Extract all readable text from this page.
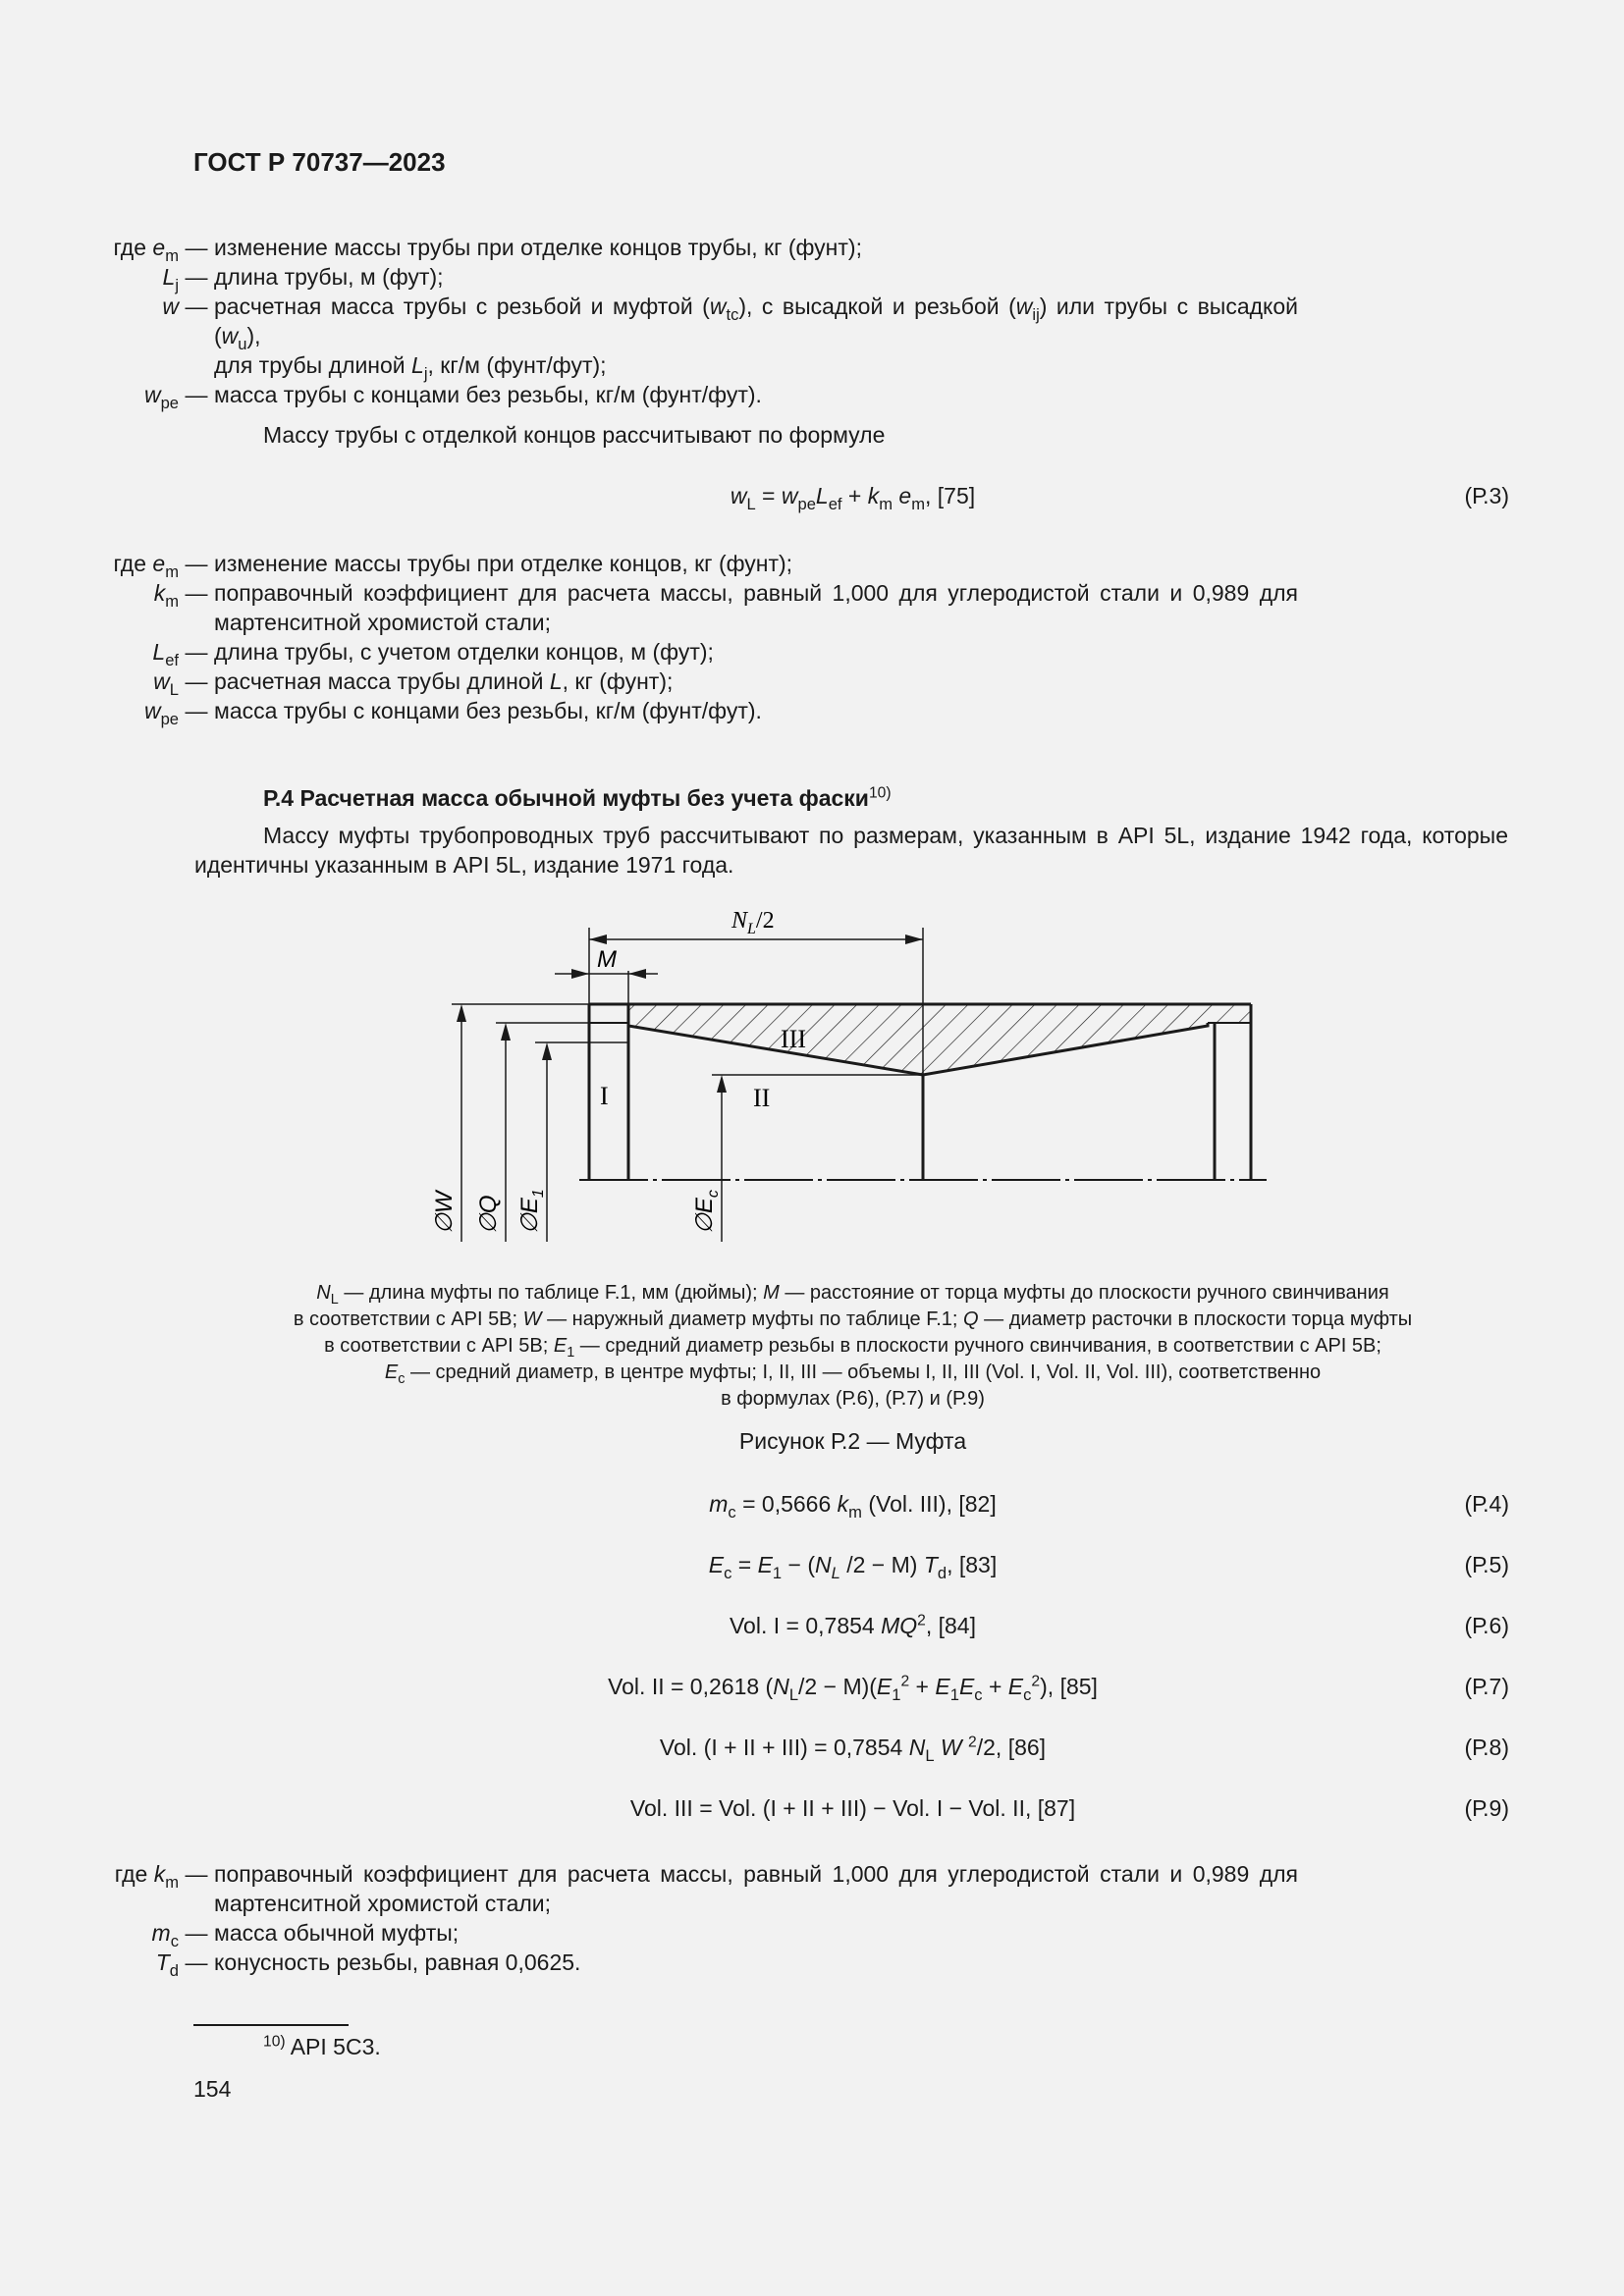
ГОСТ Р 70737—2023
где $e_m$ — изменение массы трубы при отделке концов трубы, кг (фунт);
$L_j$ — длина трубы, м (фут);
w — расчетная масса трубы с резьбой и муфтой $(w_{tc})$, с высадкой и резьбой $(w_{ij})$ или трубы с высадкой $(w_u)$,
для трубы длиной $L_j$, кг/м (фунт/фут);
$w_{pe}$ — масса трубы с концами без резьбы, кг/м (фунт/фут).
Массу трубы с отделкой концов рассчитывают по формуле
$w_L = w_{pe}L_{ef} + k_m$ $e_m$, [75]	(Р.3)
где $e_m$ — изменение массы трубы при отделке концов, кг (фунт);
$k_m$ — поправочный коэффициент для расчета массы, равный 1,000 для углеродистой стали и 0,989 для мартенситной хромистой стали;
$L_{ef}$ — длина трубы, с учетом отделки концов, м (фут);
$w_L$ — расчетная масса трубы длиной L, кг (фунт);
$w_{pe}$ — масса трубы с концами без резьбы, кг/м (фунт/фут).
Р.4 Расчетная масса обычной муфты без учета фаски$^{10)}$
Массу муфты трубопроводных труб рассчитывают по размерам, указанным в API 5L, издание 1942 года, которые идентичны указанным в API 5L, издание 1971 года.
$N_L/2$
M
I	II
III
∅W ∅Q $\emptyset E_1$
$\emptyset E_c$
$N_L$ — длина муфты по таблице F.1, мм (дюймы); M — расстояние от торца муфты до плоскости ручного свинчивания
в соответствии с API 5B; W — наружный диаметр муфты по таблице F.1; Q — диаметр расточки в плоскости торца муфты
в соответствии с API 5B; $E_1$ — средний диаметр резьбы в плоскости ручного свинчивания, в соответствии с API 5B;
$E_c$ — средний диаметр, в центре муфты; I, II, III — объемы I, II, III (Vol. I, Vol. II, Vol. III), соответственно
в формулах (Р.6), (Р.7) и (Р.9)
Рисунок Р.2 — Муфта
$m_c = 0,5666$ $k_m$ (Vol. III), [82]	(Р.4)
$E_c = E_1 - (N_L$ /2 − M) $T_d$, [83]	(Р.5)
Vol. I = 0,7854 $MQ^2$, [84]	(Р.6)
Vol. II = 0,2618 $(N_L/2 - M)(E_1^2 + E_1E_c + E_c^2)$, [85]	(Р.7)
Vol. (I + II + III) = 0,7854 $N_L$ W $^2$/2, [86]	(Р.8)
Vol. III = Vol. (I + II + III) − Vol. I − Vol. II, [87]	(Р.9)
где $k_m$ — поправочный коэффициент для расчета массы, равный 1,000 для углеродистой стали и 0,989 для мартенситной хромистой стали;
$m_c$ — масса обычной муфты;
$T_d$ — конусность резьбы, равная 0,0625.
$^{10)}$ API 5C3.
154
